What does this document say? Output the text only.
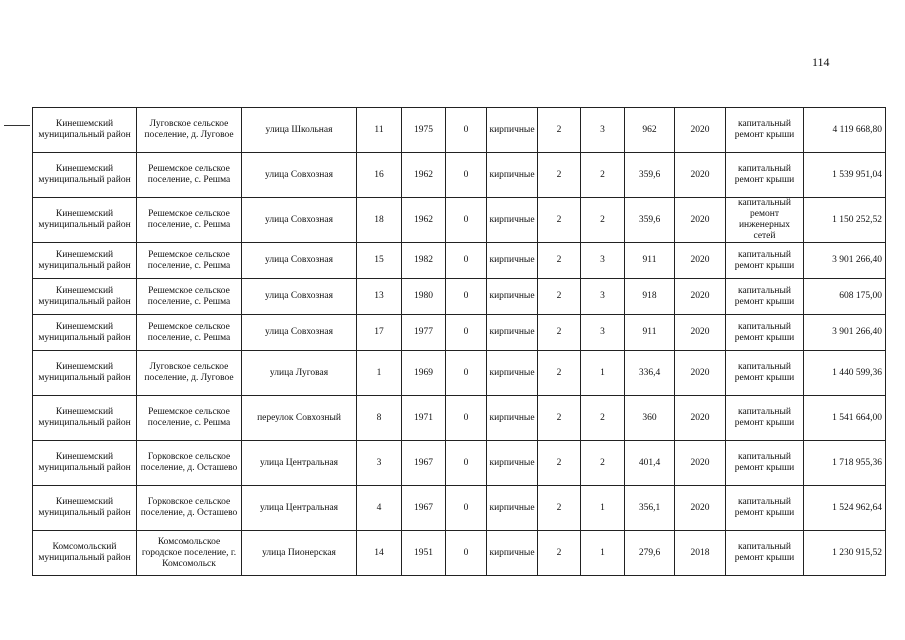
114
Кинешемский муниципальный район	Луговское сельское поселение, д. Луговое	улица Школьная	11	1975	0	кирпичные	2	3	962	2020	капитальный ремонт крыши	4 119 668,80
Кинешемский муниципальный район	Решемское сельское поселение, с. Решма	улица Совхозная	16	1962	0	кирпичные	2	2	359,6	2020	капитальный ремонт крыши	1 539 951,04
Кинешемский муниципальный район	Решемское сельское поселение, с. Решма	улица Совхозная	18	1962	0	кирпичные	2	2	359,6	2020	капитальный ремонт инженерных сетей	1 150 252,52
Кинешемский муниципальный район	Решемское сельское поселение, с. Решма	улица Совхозная	15	1982	0	кирпичные	2	3	911	2020	капитальный ремонт крыши	3 901 266,40
Кинешемский муниципальный район	Решемское сельское поселение, с. Решма	улица Совхозная	13	1980	0	кирпичные	2	3	918	2020	капитальный ремонт крыши	608 175,00
Кинешемский муниципальный район	Решемское сельское поселение, с. Решма	улица Совхозная	17	1977	0	кирпичные	2	3	911	2020	капитальный ремонт крыши	3 901 266,40
Кинешемский муниципальный район	Луговское сельское поселение, д. Луговое	улица Луговая	1	1969	0	кирпичные	2	1	336,4	2020	капитальный ремонт крыши	1 440 599,36
Кинешемский муниципальный район	Решемское сельское поселение, с. Решма	переулок Совхозный	8	1971	0	кирпичные	2	2	360	2020	капитальный ремонт крыши	1 541 664,00
Кинешемский муниципальный район	Горковское сельское поселение, д. Осташево	улица Центральная	3	1967	0	кирпичные	2	2	401,4	2020	капитальный ремонт крыши	1 718 955,36
Кинешемский муниципальный район	Горковское сельское поселение, д. Осташево	улица Центральная	4	1967	0	кирпичные	2	1	356,1	2020	капитальный ремонт крыши	1 524 962,64
Комсомольский муниципальный район	Комсомольское городское поселение, г. Комсомольск	улица Пионерская	14	1951	0	кирпичные	2	1	279,6	2018	капитальный ремонт крыши	1 230 915,52
